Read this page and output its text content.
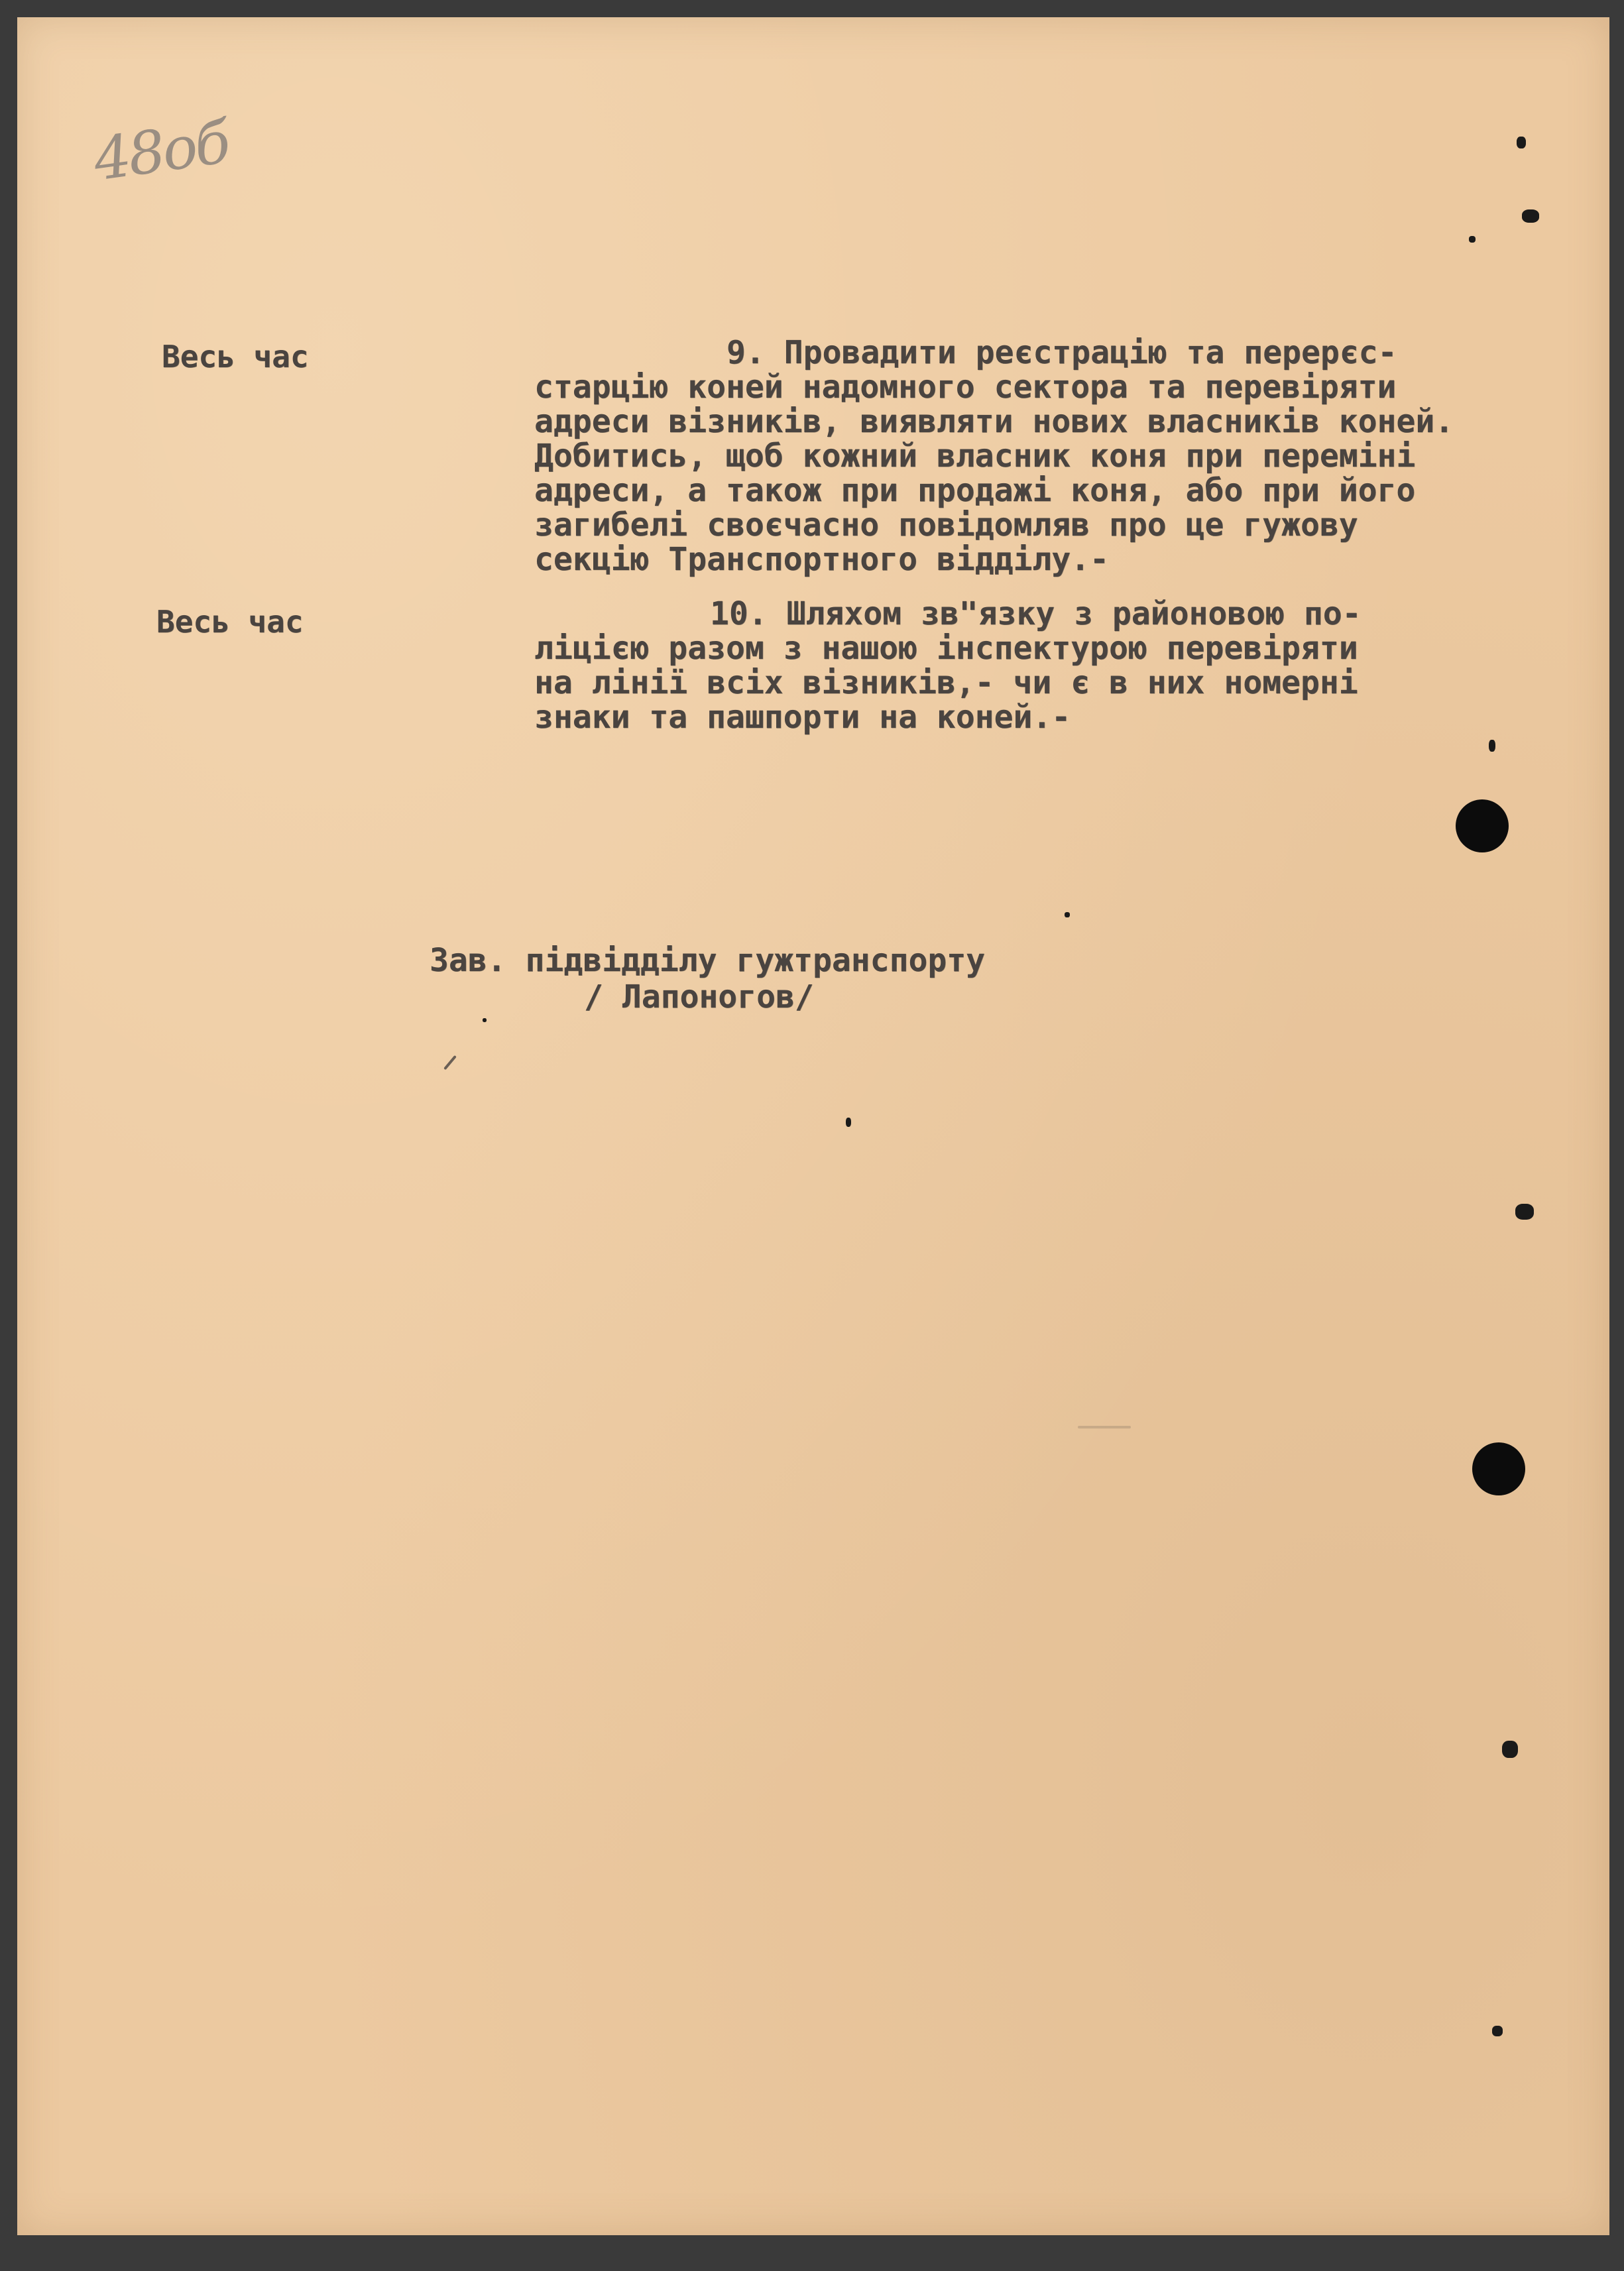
48об
Весь час

	9. Провадити реєстрацію та перерєс-

старцію коней надомного сектора та перевіряти

адреси візників, виявляти нових власників коней.

Добитись, щоб кожний власник коня при переміні

адреси, а також при продажі коня, або при його

загибелі своєчасно повідомляв про це гужову

секцію Транспортного відділу.-

Весь час

	10. Шляхом зв"язку з районовою по-

ліцією разом з нашою інспектурою перевіряти

на лінії всіх візників,- чи є в них номерні

знаки та пашпорти на коней.-

Зав. підвідділу гужтранспорту
/ Лапоногов/
